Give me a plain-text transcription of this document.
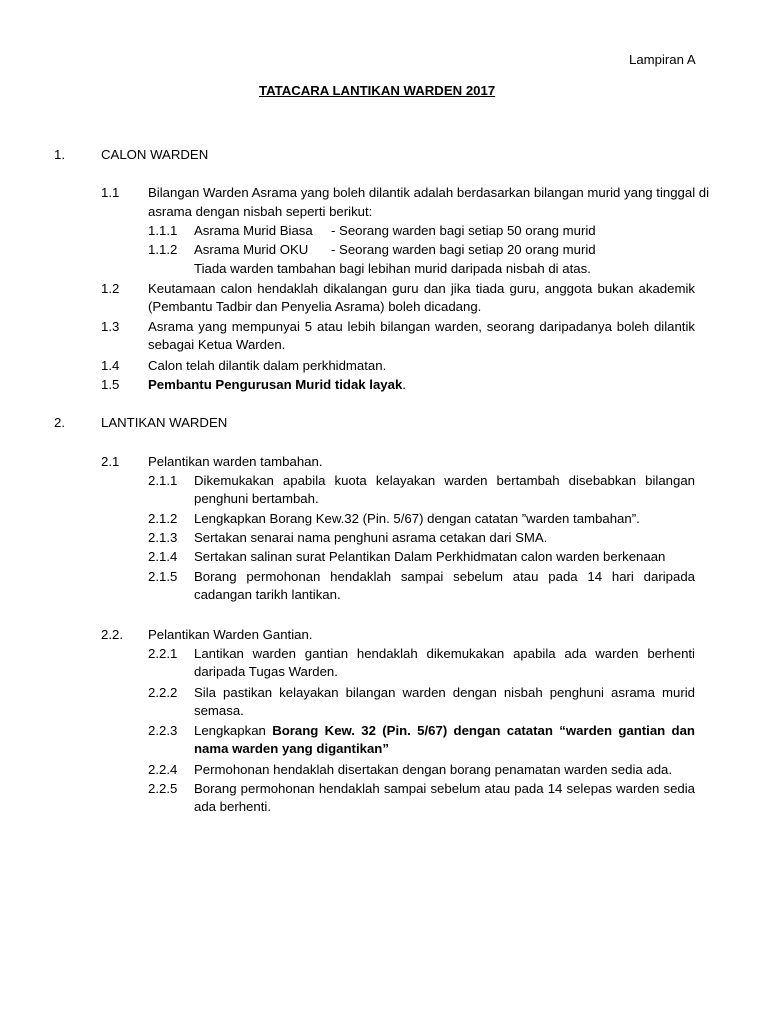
Lampiran A
TATACARA LANTIKAN WARDEN 2017
1.	CALON WARDEN
1.1 Bilangan Warden Asrama yang boleh dilantik adalah berdasarkan bilangan murid yang tinggal di
asrama dengan nisbah seperti berikut:
1.1.1 Asrama Murid Biasa - Seorang warden bagi setiap 50 orang murid
1.1.2 Asrama Murid OKU - Seorang warden bagi setiap 20 orang murid
Tiada warden tambahan bagi lebihan murid daripada nisbah di atas.
1.2 Keutamaan calon hendaklah dikalangan guru dan jika tiada guru, anggota bukan akademik (Pembantu Tadbir dan Penyelia Asrama) boleh dicadang.
1.3 Asrama yang mempunyai 5 atau lebih bilangan warden, seorang daripadanya boleh dilantik sebagai Ketua Warden.
1.4 Calon telah dilantik dalam perkhidmatan.
1.5 Pembantu Pengurusan Murid tidak layak.
2.	LANTIKAN WARDEN
2.1 Pelantikan warden tambahan.
2.1.1 Dikemukakan apabila kuota kelayakan warden bertambah disebabkan bilangan penghuni bertambah.
2.1.2 Lengkapkan Borang Kew.32 (Pin. 5/67) dengan catatan ”warden tambahan”.
2.1.3 Sertakan senarai nama penghuni asrama cetakan dari SMA.
2.1.4 Sertakan salinan surat Pelantikan Dalam Perkhidmatan calon warden berkenaan
2.1.5 Borang permohonan hendaklah sampai sebelum atau pada 14 hari daripada cadangan tarikh lantikan.
2.2. Pelantikan Warden Gantian.
2.2.1 Lantikan warden gantian hendaklah dikemukakan apabila ada warden berhenti daripada Tugas Warden.
2.2.2 Sila pastikan kelayakan bilangan warden dengan nisbah penghuni asrama murid semasa.
2.2.3 Lengkapkan Borang Kew. 32 (Pin. 5/67) dengan catatan “warden gantian dan nama warden yang digantikan”
2.2.4 Permohonan hendaklah disertakan dengan borang penamatan warden sedia ada.
2.2.5 Borang permohonan hendaklah sampai sebelum atau pada 14 selepas warden sedia ada berhenti.
